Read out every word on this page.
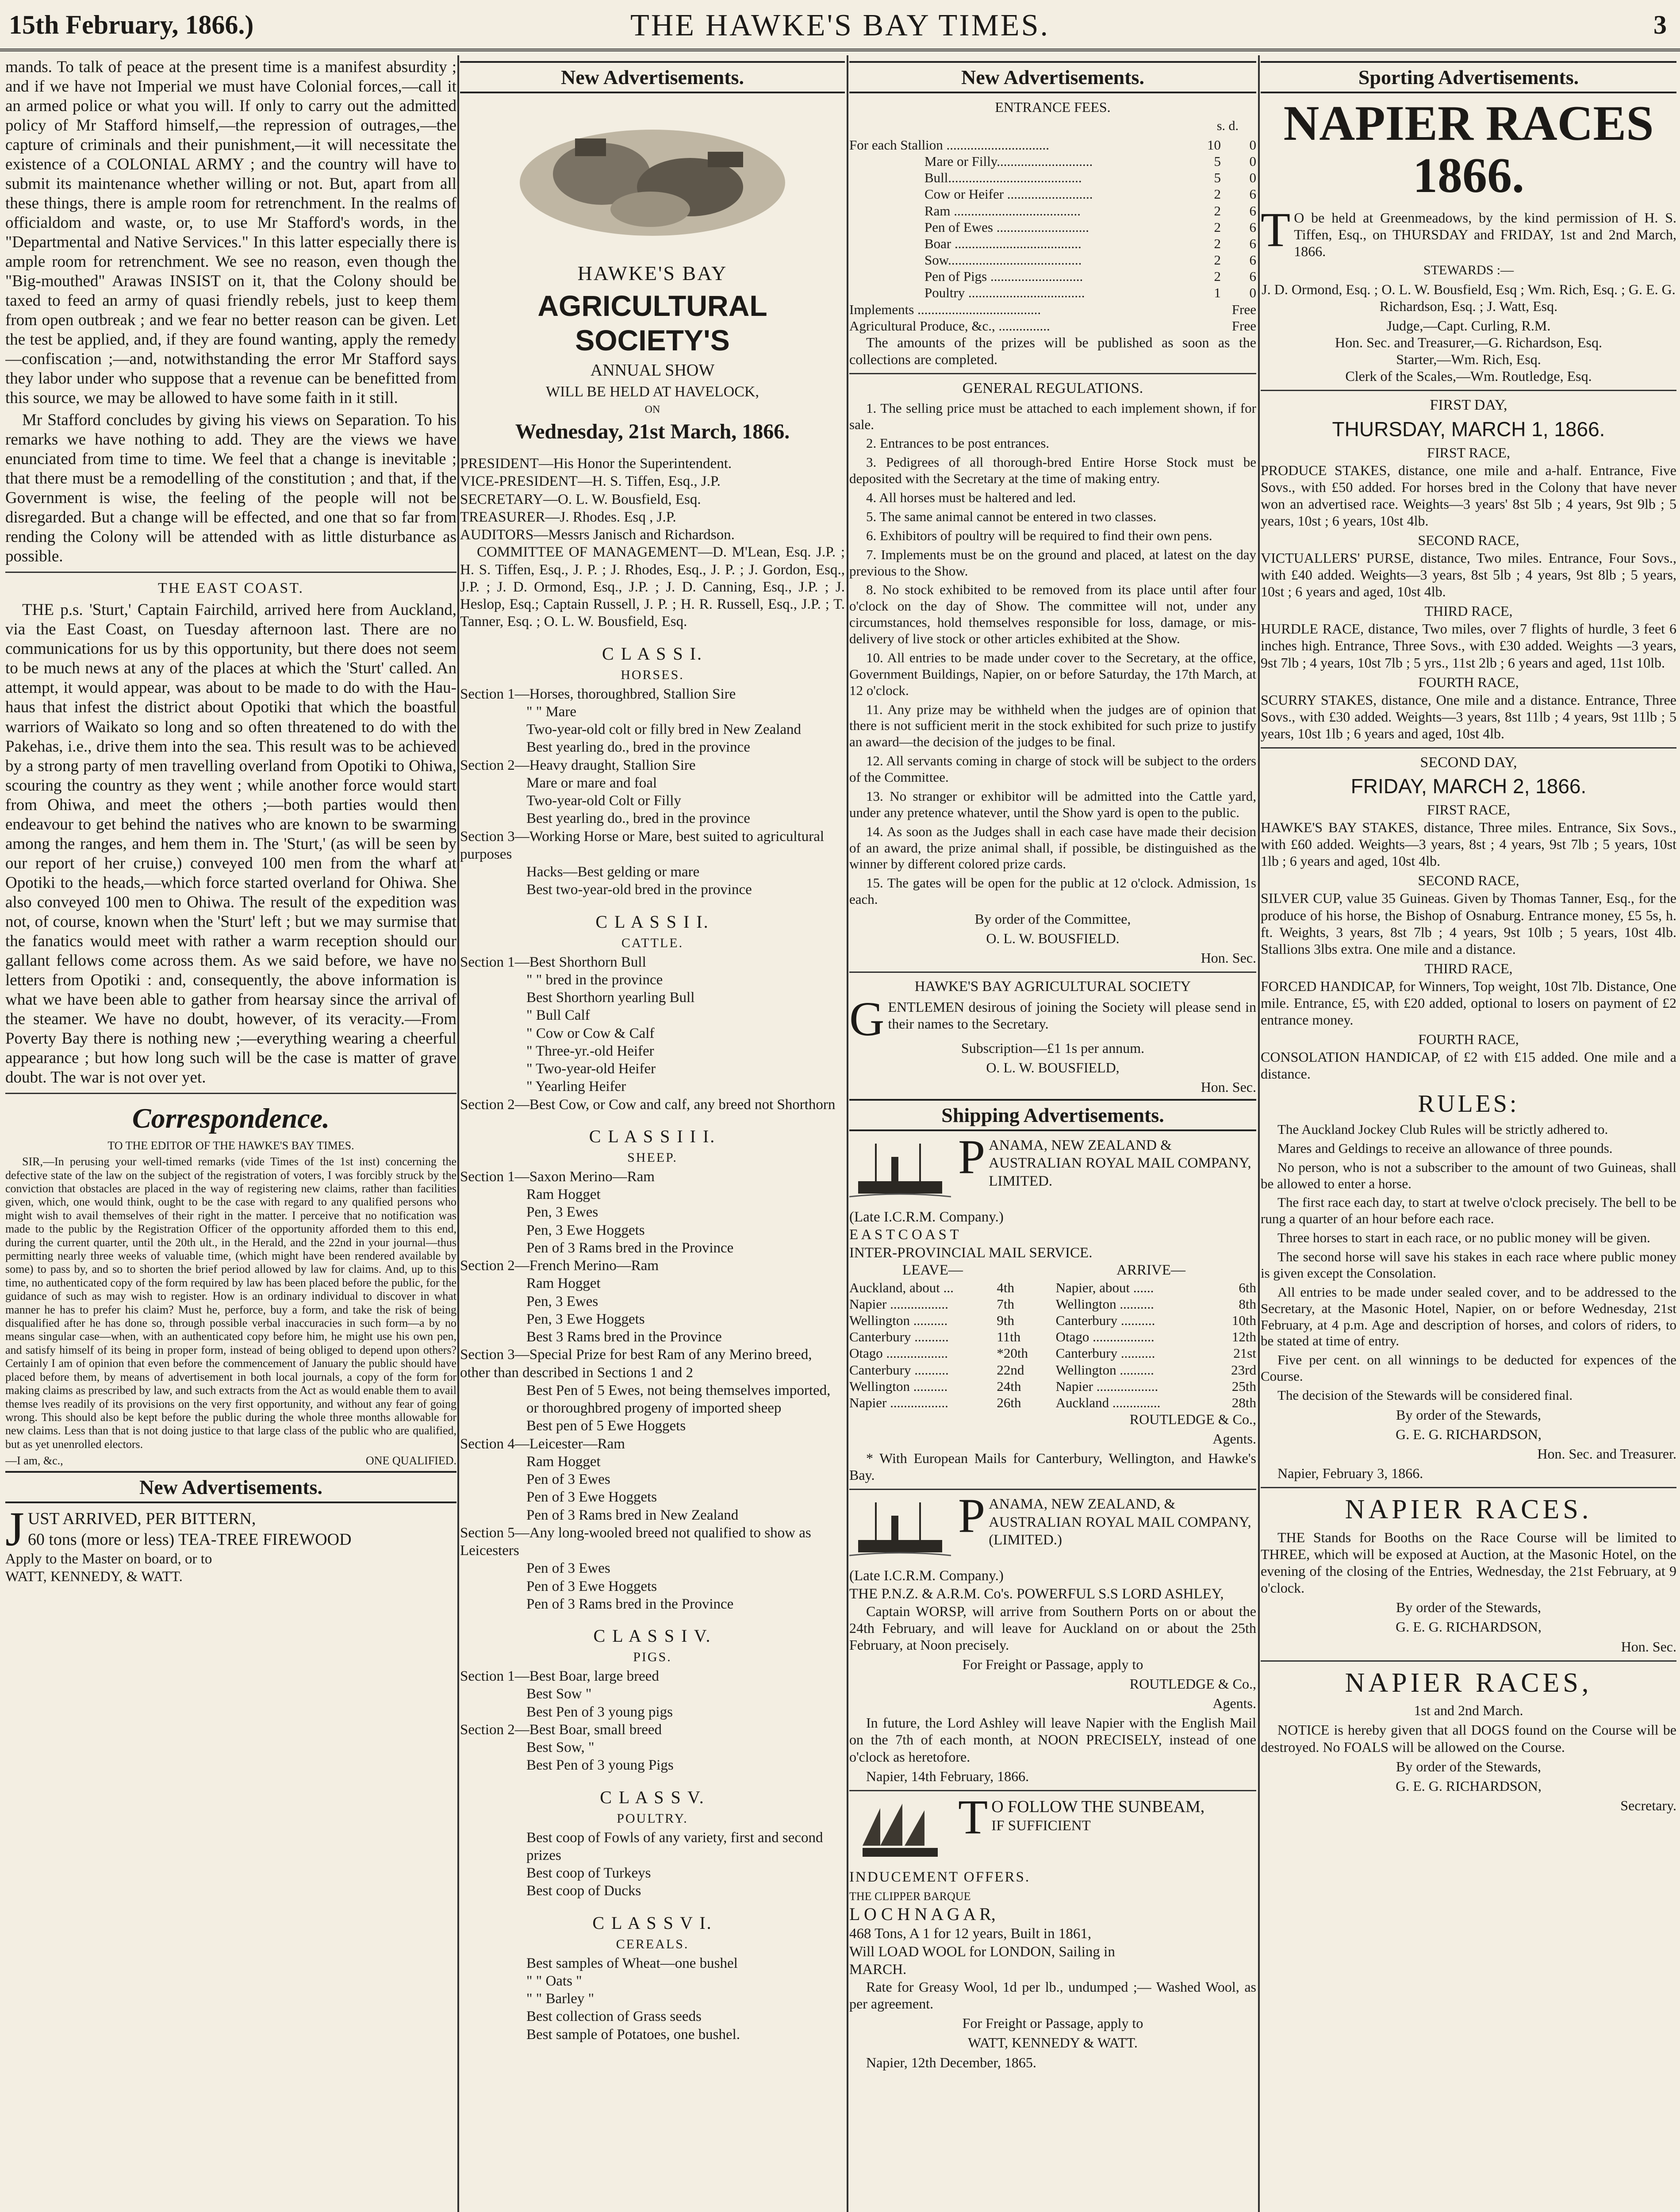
15th February, 1866.)	THE HAWKE'S BAY TIMES.	3

mands. To talk of peace at the present time is a manifest absurdity ; and if we have not Imperial we must have Colonial forces,—call it an armed police or what you will. If only to carry out the admitted policy of Mr Stafford himself,—the repression of outrages,—the capture of criminals and their punishment,—it will necessitate the existence of a COLONIAL ARMY ; and the country will have to submit its maintenance whether willing or not. But, apart from all these things, there is ample room for retrenchment. In the realms of officialdom and waste, or, to use Mr Stafford's words, in the "Departmental and Native Services." In this latter especially there is ample room for retrenchment. We see no reason, even though the "Big-mouthed" Arawas INSIST on it, that the Colony should be taxed to feed an army of quasi friendly rebels, just to keep them from open outbreak ; and we fear no better reason can be given. Let the test be applied, and, if they are found wanting, apply the remedy —confiscation ;—and, notwithstanding the error Mr Stafford says they labor under who suppose that a revenue can be benefitted from this source, we may be allowed to have some faith in it still.

Mr Stafford concludes by giving his views on Separation. To his remarks we have nothing to add. They are the views we have enunciated from time to time. We feel that a change is inevitable ; that there must be a remodelling of the constitution ; and that, if the Government is wise, the feeling of the people will not be disregarded. But a change will be effected, and one that so far from rending the Colony will be attended with as little disturbance as possible.

THE EAST COAST.

THE p.s. 'Sturt,' Captain Fairchild, arrived here from Auckland, via the East Coast, on Tuesday afternoon last. There are no communications for us by this opportunity, but there does not seem to be much news at any of the places at which the 'Sturt' called. An attempt, it would appear, was about to be made to do with the Hau-haus that infest the district about Opotiki that which the boastful warriors of Waikato so long and so often threatened to do with the Pakehas, i.e., drive them into the sea. This result was to be achieved by a strong party of men travelling overland from Opotiki to Ohiwa, scouring the country as they went ; while another force would start from Ohiwa, and meet the others ;—both parties would then endeavour to get behind the natives who are known to be swarming among the ranges, and hem them in. The 'Sturt,' (as will be seen by our report of her cruise,) conveyed 100 men from the wharf at Opotiki to the heads,—which force started overland for Ohiwa. She also conveyed 100 men to Ohiwa. The result of the expedition was not, of course, known when the 'Sturt' left ; but we may surmise that the fanatics would meet with rather a warm reception should our gallant fellows come across them. As we said before, we have no letters from Opotiki : and, consequently, the above information is what we have been able to gather from hearsay since the arrival of the steamer. We have no doubt, however, of its veracity.—From Poverty Bay there is nothing new ;—everything wearing a cheerful appearance ; but how long such will be the case is matter of grave doubt. The war is not over yet.

Correspondence.

TO THE EDITOR OF THE HAWKE'S BAY TIMES.

SIR,—In perusing your well-timed remarks (vide Times of the 1st inst) concerning the defective state of the law on the subject of the registration of voters, I was forcibly struck by the conviction that obstacles are placed in the way of registering new claims, rather than facilities given, which, one would think, ought to be the case with regard to any qualified persons who might wish to avail themselves of their right in the matter. I perceive that no notification was made to the public by the Registration Officer of the opportunity afforded them to this end, during the current quarter, until the 20th ult., in the Herald, and the 22nd in your journal—thus permitting nearly three weeks of valuable time, (which might have been rendered available by some) to pass by, and so to shorten the brief period allowed by law for claims. And, up to this time, no authenticated copy of the form required by law has been placed before the public, for the guidance of such as may wish to register. How is an ordinary individual to discover in what manner he has to prefer his claim? Must he, perforce, buy a form, and take the risk of being disqualified after he has done so, through possible verbal inaccuracies in such form—a by no means singular case—when, with an authenticated copy before him, he might use his own pen, and satisfy himself of its being in proper form, instead of being obliged to depend upon others? Certainly I am of opinion that even before the commencement of January the public should have placed before them, by means of advertisement in both local journals, a copy of the form for making claims as prescribed by law, and such extracts from the Act as would enable them to avail themse lves readily of its provisions on the very first opportunity, and without any fear of going wrong. This should also be kept before the public during the whole three months allowable for new claims. Less than that is not doing justice to that large class of the public who are qualified, but as yet unenrolled electors.

—I am, &c.,	ONE QUALIFIED.
New Advertisements.
J UST ARRIVED, PER BITTERN,

60 tons (more or less) TEA-TREE FIREWOOD

Apply to the Master on board, or to

WATT, KENNEDY, & WATT.

New Advertisements.

HAWKE'S BAY

AGRICULTURAL SOCIETY'S

ANNUAL SHOW

WILL BE HELD AT HAVELOCK,

ON

Wednesday, 21st March, 1866.

PRESIDENT—His Honor the Superintendent.

VICE-PRESIDENT—H. S. Tiffen, Esq., J.P.

SECRETARY—O. L. W. Bousfield, Esq.

TREASURER—J. Rhodes. Esq , J.P.

AUDITORS—Messrs Janisch and Richardson.

COMMITTEE OF MANAGEMENT—D. M'Lean, Esq. J.P. ; H. S. Tiffen, Esq., J. P. ; J. Rhodes, Esq., J. P. ; J. Gordon, Esq., J.P. ; J. D. Ormond, Esq., J.P. ; J. D. Canning, Esq., J.P. ; J. Heslop, Esq.; Captain Russell, J. P. ; H. R. Russell, Esq., J.P. ; T. Tanner, Esq. ; O. L. W. Bousfield, Esq.

C L A S S I.
HORSES.

Section 1—Horses, thoroughbred, Stallion Sire

" " Mare

Two-year-old colt or filly bred in New Zealand

Best yearling do., bred in the province

Section 2—Heavy draught, Stallion Sire

Mare or mare and foal

Two-year-old Colt or Filly

Best yearling do., bred in the province

Section 3—Working Horse or Mare, best suited to agricultural purposes

Hacks—Best gelding or mare

Best two-year-old bred in the province

C L A S S I I.
CATTLE.

Section 1—Best Shorthorn Bull

" " bred in the province

Best Shorthorn yearling Bull

" Bull Calf

" Cow or Cow & Calf

" Three-yr.-old Heifer

" Two-year-old Heifer

" Yearling Heifer

Section 2—Best Cow, or Cow and calf, any breed not Shorthorn

C L A S S I I I.
SHEEP.

Section 1—Saxon Merino—Ram

Ram Hogget

Pen, 3 Ewes

Pen, 3 Ewe Hoggets

Pen of 3 Rams bred in the Province

Section 2—French Merino—Ram

Ram Hogget

Pen, 3 Ewes

Pen, 3 Ewe Hoggets

Best 3 Rams bred in the Province

Section 3—Special Prize for best Ram of any Merino breed, other than described in Sections 1 and 2

Best Pen of 5 Ewes, not being themselves imported, or thoroughbred progeny of imported sheep

Best pen of 5 Ewe Hoggets

Section 4—Leicester—Ram

Ram Hogget

Pen of 3 Ewes

Pen of 3 Ewe Hoggets

Pen of 3 Rams bred in New Zealand

Section 5—Any long-wooled breed not qualified to show as Leicesters

Pen of 3 Ewes

Pen of 3 Ewe Hoggets

Pen of 3 Rams bred in the Province

C L A S S I V.
PIGS.

Section 1—Best Boar, large breed

Best Sow "

Best Pen of 3 young pigs

Section 2—Best Boar, small breed

Best Sow, "

Best Pen of 3 young Pigs

C L A S S V.
POULTRY.

Best coop of Fowls of any variety, first and second prizes

Best coop of Turkeys

Best coop of Ducks

C L A S S V I.
CEREALS.

Best samples of Wheat—one bushel

" " Oats "

" " Barley "

Best collection of Grass seeds

Best sample of Potatoes, one bushel.

New Advertisements.

ENTRANCE FEES.

s. d.

For each Stallion ..............................	10	0
Mare or Filly............................	5	0
Bull.......................................	5	0
Cow or Heifer .........................	2	6
Ram .....................................	2	6
Pen of Ewes ...........................	2	6
Boar .....................................	2	6
Sow.......................................	2	6
Pen of Pigs ...........................	2	6
Poultry ..................................	1	0
Implements ....................................	Free
Agricultural Produce, &c., ...............	Free

The amounts of the prizes will be published as soon as the collections are completed.

GENERAL REGULATIONS.

1. The selling price must be attached to each implement shown, if for sale.

2. Entrances to be post entrances.

3. Pedigrees of all thorough-bred Entire Horse Stock must be deposited with the Secretary at the time of making entry.

4. All horses must be haltered and led.

5. The same animal cannot be entered in two classes.

6. Exhibitors of poultry will be required to find their own pens.

7. Implements must be on the ground and placed, at latest on the day previous to the Show.

8. No stock exhibited to be removed from its place until after four o'clock on the day of Show. The committee will not, under any circumstances, hold themselves responsible for loss, damage, or mis-delivery of live stock or other articles exhibited at the Show.

10. All entries to be made under cover to the Secretary, at the office, Government Buildings, Napier, on or before Saturday, the 17th March, at 12 o'clock.

11. Any prize may be withheld when the judges are of opinion that there is not sufficient merit in the stock exhibited for such prize to justify an award—the decision of the judges to be final.

12. All servants coming in charge of stock will be subject to the orders of the Committee.

13. No stranger or exhibitor will be admitted into the Cattle yard, under any pretence whatever, until the Show yard is open to the public.

14. As soon as the Judges shall in each case have made their decision of an award, the prize animal shall, if possible, be distinguished as the winner by different colored prize cards.

15. The gates will be open for the public at 12 o'clock. Admission, 1s each.

By order of the Committee,

O. L. W. BOUSFIELD.

Hon. Sec.

HAWKE'S BAY AGRICULTURAL SOCIETY

G ENTLEMEN desirous of joining the Society will please send in their names to the Secretary.

Subscription—£1 1s per annum.

O. L. W. BOUSFIELD,

Hon. Sec.

Shipping Advertisements.
P ANAMA, NEW ZEALAND & AUSTRALIAN ROYAL MAIL COMPANY, LIMITED.

(Late I.C.R.M. Company.)

E A S T C O A S T

INTER-PROVINCIAL MAIL SERVICE.

LEAVE—	ARRIVE—
Auckland, about ...	4th	Napier, about ......	6th
Napier .................	7th	Wellington ..........	8th
Wellington ..........	9th	Canterbury ..........	10th
Canterbury ..........	11th	Otago ..................	12th
Otago ..................	*20th	Canterbury ..........	21st
Canterbury ..........	22nd	Wellington ..........	23rd
Wellington ..........	24th	Napier ..................	25th
Napier .................	26th	Auckland ..............	28th

ROUTLEDGE & Co.,

Agents.

* With European Mails for Canterbury, Wellington, and Hawke's Bay.

P ANAMA, NEW ZEALAND, & AUSTRALIAN ROYAL MAIL COMPANY, (LIMITED.)

(Late I.C.R.M. Company.)

THE P.N.Z. & A.R.M. Co's. POWERFUL S.S LORD ASHLEY,

Captain WORSP, will arrive from Southern Ports on or about the 24th February, and will leave for Auckland on or about the 25th February, at Noon precisely.

For Freight or Passage, apply to

ROUTLEDGE & Co.,

Agents.

In future, the Lord Ashley will leave Napier with the English Mail on the 7th of each month, at NOON PRECISELY, instead of one o'clock as heretofore.

Napier, 14th February, 1866.

T O FOLLOW THE SUNBEAM,

IF SUFFICIENT

INDUCEMENT OFFERS.

THE CLIPPER BARQUE

L O C H N A G A R,

468 Tons, A 1 for 12 years, Built in 1861,

Will LOAD WOOL for LONDON, Sailing in

MARCH.

Rate for Greasy Wool, 1d per lb., undumped ;— Washed Wool, as per agreement.

For Freight or Passage, apply to

WATT, KENNEDY & WATT.

Napier, 12th December, 1865.

Sporting Advertisements.
NAPIER RACES
1866.
T O be held at Greenmeadows, by the kind permission of H. S. Tiffen, Esq., on THURSDAY and FRIDAY, 1st and 2nd March, 1866.

STEWARDS :—

J. D. Ormond, Esq. ; O. L. W. Bousfield, Esq ; Wm. Rich, Esq. ; G. E. G. Richardson, Esq. ; J. Watt, Esq.

Judge,—Capt. Curling, R.M.

Hon. Sec. and Treasurer,—G. Richardson, Esq.

Starter,—Wm. Rich, Esq.

Clerk of the Scales,—Wm. Routledge, Esq.

FIRST DAY,

THURSDAY, MARCH 1, 1866.

FIRST RACE,

PRODUCE STAKES, distance, one mile and a-half. Entrance, Five Sovs., with £50 added. For horses bred in the Colony that have never won an advertised race. Weights—3 years' 8st 5lb ; 4 years, 9st 9lb ; 5 years, 10st ; 6 years, 10st 4lb.

SECOND RACE,

VICTUALLERS' PURSE, distance, Two miles. Entrance, Four Sovs., with £40 added. Weights—3 years, 8st 5lb ; 4 years, 9st 8lb ; 5 years, 10st ; 6 years and aged, 10st 4lb.

THIRD RACE,

HURDLE RACE, distance, Two miles, over 7 flights of hurdle, 3 feet 6 inches high. Entrance, Three Sovs., with £30 added. Weights —3 years, 9st 7lb ; 4 years, 10st 7lb ; 5 yrs., 11st 2lb ; 6 years and aged, 11st 10lb.

FOURTH RACE,

SCURRY STAKES, distance, One mile and a distance. Entrance, Three Sovs., with £30 added. Weights—3 years, 8st 11lb ; 4 years, 9st 11lb ; 5 years, 10st 1lb ; 6 years and aged, 10st 4lb.

SECOND DAY,

FRIDAY, MARCH 2, 1866.

FIRST RACE,

HAWKE'S BAY STAKES, distance, Three miles. Entrance, Six Sovs., with £60 added. Weights—3 years, 8st ; 4 years, 9st 7lb ; 5 years, 10st 1lb ; 6 years and aged, 10st 4lb.

SECOND RACE,

SILVER CUP, value 35 Guineas. Given by Thomas Tanner, Esq., for the produce of his horse, the Bishop of Osnaburg. Entrance money, £5 5s, h. ft. Weights, 3 years, 8st 7lb ; 4 years, 9st 10lb ; 5 years, 10st 4lb. Stallions 3lbs extra. One mile and a distance.

THIRD RACE,

FORCED HANDICAP, for Winners, Top weight, 10st 7lb. Distance, One mile. Entrance, £5, with £20 added, optional to losers on payment of £2 entrance money.

FOURTH RACE,

CONSOLATION HANDICAP, of £2 with £15 added. One mile and a distance.

RULES:

The Auckland Jockey Club Rules will be strictly adhered to.

Mares and Geldings to receive an allowance of three pounds.

No person, who is not a subscriber to the amount of two Guineas, shall be allowed to enter a horse.

The first race each day, to start at twelve o'clock precisely. The bell to be rung a quarter of an hour before each race.

Three horses to start in each race, or no public money will be given.

The second horse will save his stakes in each race where public money is given except the Consolation.

All entries to be made under sealed cover, and to be addressed to the Secretary, at the Masonic Hotel, Napier, on or before Wednesday, 21st February, at 4 p.m. Age and description of horses, and colors of riders, to be stated at time of entry.

Five per cent. on all winnings to be deducted for expences of the Course.

The decision of the Stewards will be considered final.

By order of the Stewards,

G. E. G. RICHARDSON,

Hon. Sec. and Treasurer.

Napier, February 3, 1866.

NAPIER RACES.

THE Stands for Booths on the Race Course will be limited to THREE, which will be exposed at Auction, at the Masonic Hotel, on the evening of the closing of the Entries, Wednesday, the 21st February, at 9 o'clock.

By order of the Stewards,

G. E. G. RICHARDSON,

Hon. Sec.

NAPIER RACES,

1st and 2nd March.

NOTICE is hereby given that all DOGS found on the Course will be destroyed. No FOALS will be allowed on the Course.

By order of the Stewards,

G. E. G. RICHARDSON,

Secretary.
